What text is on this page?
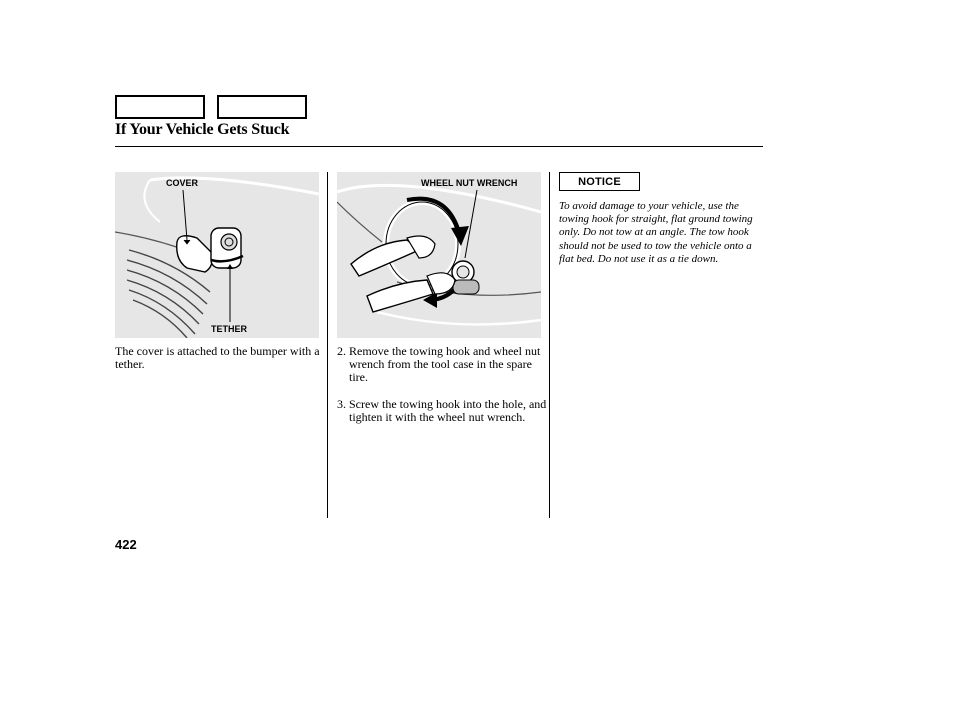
If Your Vehicle Gets Stuck
COVER
TETHER
WHEEL NUT WRENCH
The cover is attached to the bumper with a tether.
2. Remove the towing hook and wheel nut wrench from the tool case in the spare tire.
3. Screw the towing hook into the hole, and tighten it with the wheel nut wrench.
NOTICE
To avoid damage to your vehicle, use the towing hook for straight, flat ground towing only. Do not tow at an angle. The tow hook should not be used to tow the vehicle onto a flat bed. Do not use it as a tie down.
422
